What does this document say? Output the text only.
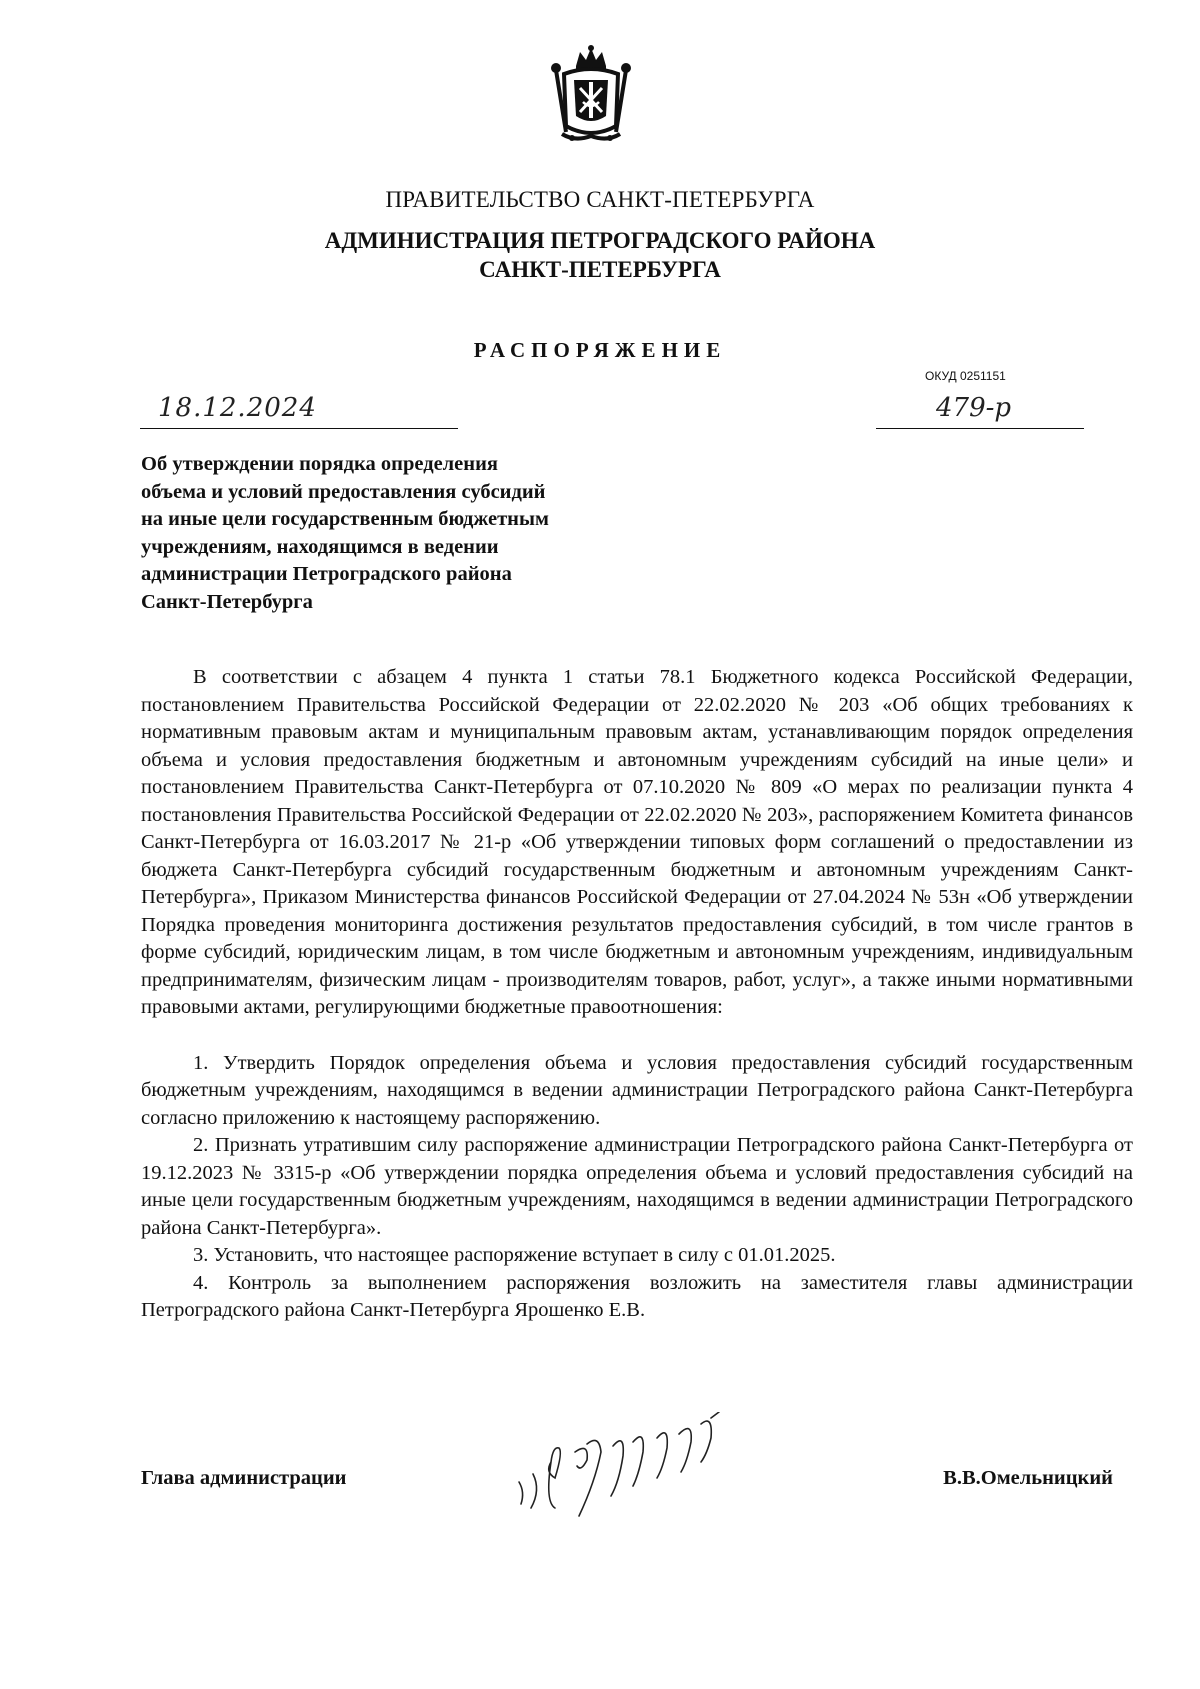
ПРАВИТЕЛЬСТВО САНКТ-ПЕТЕРБУРГА
АДМИНИСТРАЦИЯ ПЕТРОГРАДСКОГО РАЙОНА
САНКТ-ПЕТЕРБУРГА
РАСПОРЯЖЕНИЕ
ОКУД 0251151
18.12.2024	479-р
Об утверждении порядка определения
объема и условий предоставления субсидий
на иные цели государственным бюджетным
учреждениям, находящимся в ведении
администрации Петроградского района
Санкт-Петербурга

В соответствии с абзацем 4 пункта 1 статьи 78.1 Бюджетного кодекса Российской Федерации, постановлением Правительства Российской Федерации от 22.02.2020 № 203 «Об общих требованиях к нормативным правовым актам и муниципальным правовым актам, устанавливающим порядок определения объема и условия предоставления бюджетным и автономным учреждениям субсидий на иные цели» и постановлением Правительства Санкт-Петербурга от 07.10.2020 № 809 «О мерах по реализации пункта 4 постановления Правительства Российской Федерации от 22.02.2020 № 203», распоряжением Комитета финансов Санкт-Петербурга от 16.03.2017 № 21-р «Об утверждении типовых форм соглашений о предоставлении из бюджета Санкт-Петербурга субсидий государственным бюджетным и автономным учреждениям Санкт-Петербурга», Приказом Министерства финансов Российской Федерации от 27.04.2024 № 53н «Об утверждении Порядка проведения мониторинга достижения результатов предоставления субсидий, в том числе грантов в форме субсидий, юридическим лицам, в том числе бюджетным и автономным учреждениям, индивидуальным предпринимателям, физическим лицам - производителям товаров, работ, услуг», а также иными нормативными правовыми актами, регулирующими бюджетные правоотношения:

1. Утвердить Порядок определения объема и условия предоставления субсидий государственным бюджетным учреждениям, находящимся в ведении администрации Петроградского района Санкт-Петербурга согласно приложению к настоящему распоряжению.

2. Признать утратившим силу распоряжение администрации Петроградского района Санкт-Петербурга от 19.12.2023 № 3315-р «Об утверждении порядка определения объема и условий предоставления субсидий на иные цели государственным бюджетным учреждениям, находящимся в ведении администрации Петроградского района Санкт-Петербурга».

3. Установить, что настоящее распоряжение вступает в силу с 01.01.2025.

4. Контроль за выполнением распоряжения возложить на заместителя главы администрации Петроградского района Санкт-Петербурга Ярошенко Е.В.

Глава администрации	В.В.Омельницкий
